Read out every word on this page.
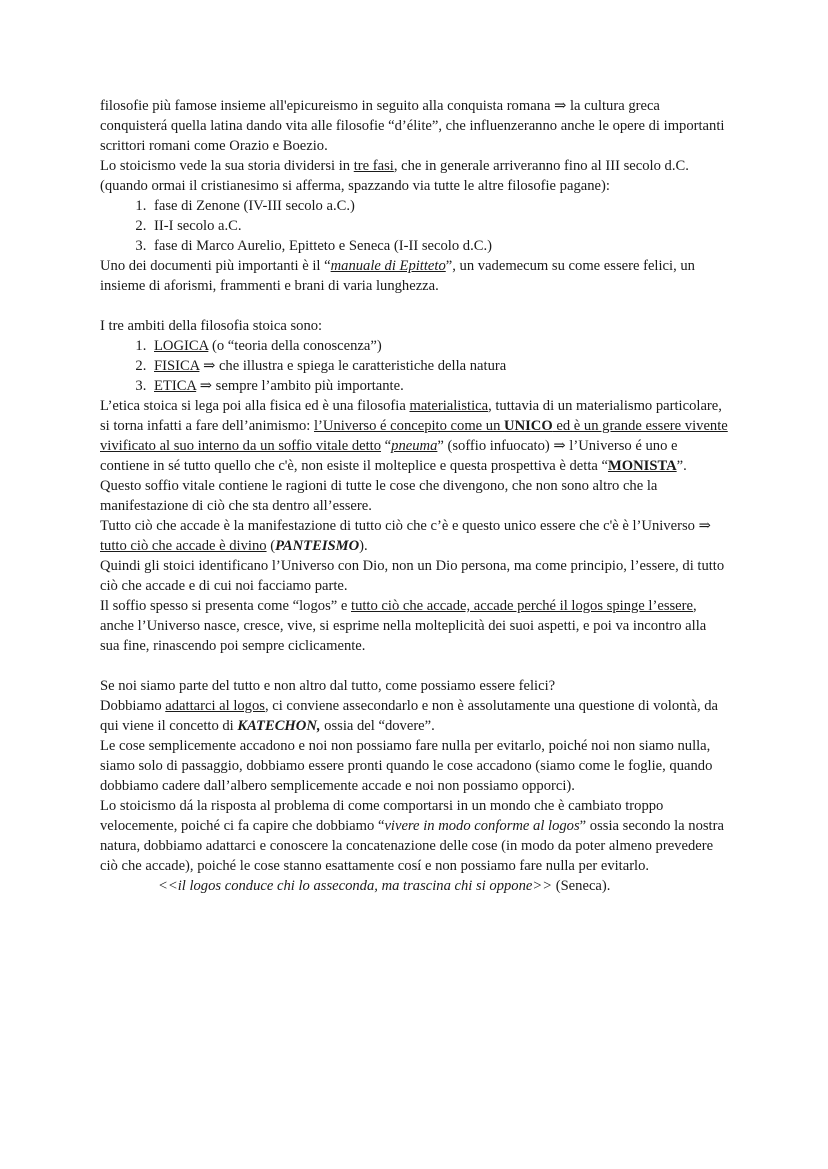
filosofie più famose insieme all'epicureismo in seguito alla conquista romana ⇒ la cultura greca conquisterá quella latina dando vita alle filosofie “d’élite”, che influenzeranno anche le opere di importanti scrittori romani come Orazio e Boezio.

Lo stoicismo vede la sua storia dividersi in tre fasi, che in generale arriveranno fino al III secolo d.C. (quando ormai il cristianesimo si afferma, spazzando via tutte le altre filosofie pagane):

1. fase di Zenone (IV-III secolo a.C.)
2. II-I secolo a.C.
3. fase di Marco Aurelio, Epitteto e Seneca (I-II secolo d.C.)

Uno dei documenti più importanti è il “manuale di Epitteto”, un vademecum su come essere felici, un insieme di aforismi, frammenti e brani di varia lunghezza.

I tre ambiti della filosofia stoica sono:

1. LOGICA (o “teoria della conoscenza”)
2. FISICA ⇒ che illustra e spiega le caratteristiche della natura
3. ETICA ⇒ sempre l’ambito più importante.

L’etica stoica si lega poi alla fisica ed è una filosofia materialistica, tuttavia di un materialismo particolare, si torna infatti a fare dell’animismo: l’Universo é concepito come un UNICO ed è un grande essere vivente vivificato al suo interno da un soffio vitale detto “pneuma” (soffio infuocato) ⇒ l’Universo é uno e contiene in sé tutto quello che c'è, non esiste il molteplice e questa prospettiva è detta “MONISTA”.

Questo soffio vitale contiene le ragioni di tutte le cose che divengono, che non sono altro che la manifestazione di ciò che sta dentro all’essere.

Tutto ciò che accade è la manifestazione di tutto ciò che c’è e questo unico essere che c'è è l’Universo ⇒ tutto ciò che accade è divino (PANTEISMO).

Quindi gli stoici identificano l’Universo con Dio, non un Dio persona, ma come principio, l’essere, di tutto ciò che accade e di cui noi facciamo parte.

Il soffio spesso si presenta come “logos” e tutto ciò che accade, accade perché il logos spinge l’essere, anche l’Universo nasce, cresce, vive, si esprime nella molteplicità dei suoi aspetti, e poi va incontro alla sua fine, rinascendo poi sempre ciclicamente.

Se noi siamo parte del tutto e non altro dal tutto, come possiamo essere felici?

Dobbiamo adattarci al logos, ci conviene assecondarlo e non è assolutamente una questione di volontà, da qui viene il concetto di KATECHON, ossia del “dovere”.

Le cose semplicemente accadono e noi non possiamo fare nulla per evitarlo, poiché noi non siamo nulla, siamo solo di passaggio, dobbiamo essere pronti quando le cose accadono (siamo come le foglie, quando dobbiamo cadere dall’albero semplicemente accade e noi non possiamo opporci).

Lo stoicismo dá la risposta al problema di come comportarsi in un mondo che è cambiato troppo velocemente, poiché ci fa capire che dobbiamo “vivere in modo conforme al logos” ossia secondo la nostra natura, dobbiamo adattarci e conoscere la concatenazione delle cose (in modo da poter almeno prevedere ciò che accade), poiché le cose stanno esattamente cosí e non possiamo fare nulla per evitarlo.

<<il logos conduce chi lo asseconda, ma trascina chi si oppone>> (Seneca).
